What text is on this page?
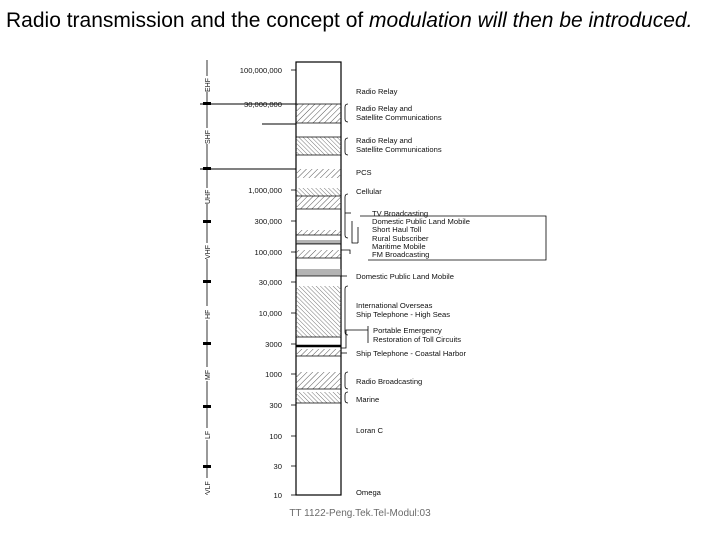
Radio transmission and the concept of modulation will then be introduced.
100,000,000
30,000,000
1,000,000
300,000
100,000
30,000
10,000
3000
1000
300
100
30
10
EHF
SHF
UHF
VHF
HF
MF
LF
VLF
Radio Relay
Radio Relay and
Satellite Communications
Radio Relay and
Satellite Communications
PCS
Cellular
TV Broadcasting
Domestic Public Land Mobile
Short Haul Toll
Rural Subscriber
Maritime Mobile
FM Broadcasting
Domestic Public Land Mobile
International Overseas
Ship Telephone - High Seas
Portable Emergency
Restoration of Toll Circuits
Ship Telephone - Coastal Harbor
Radio Broadcasting
Marine
Loran C
Omega
TT 1122-Peng.Tek.Tel-Modul:03
